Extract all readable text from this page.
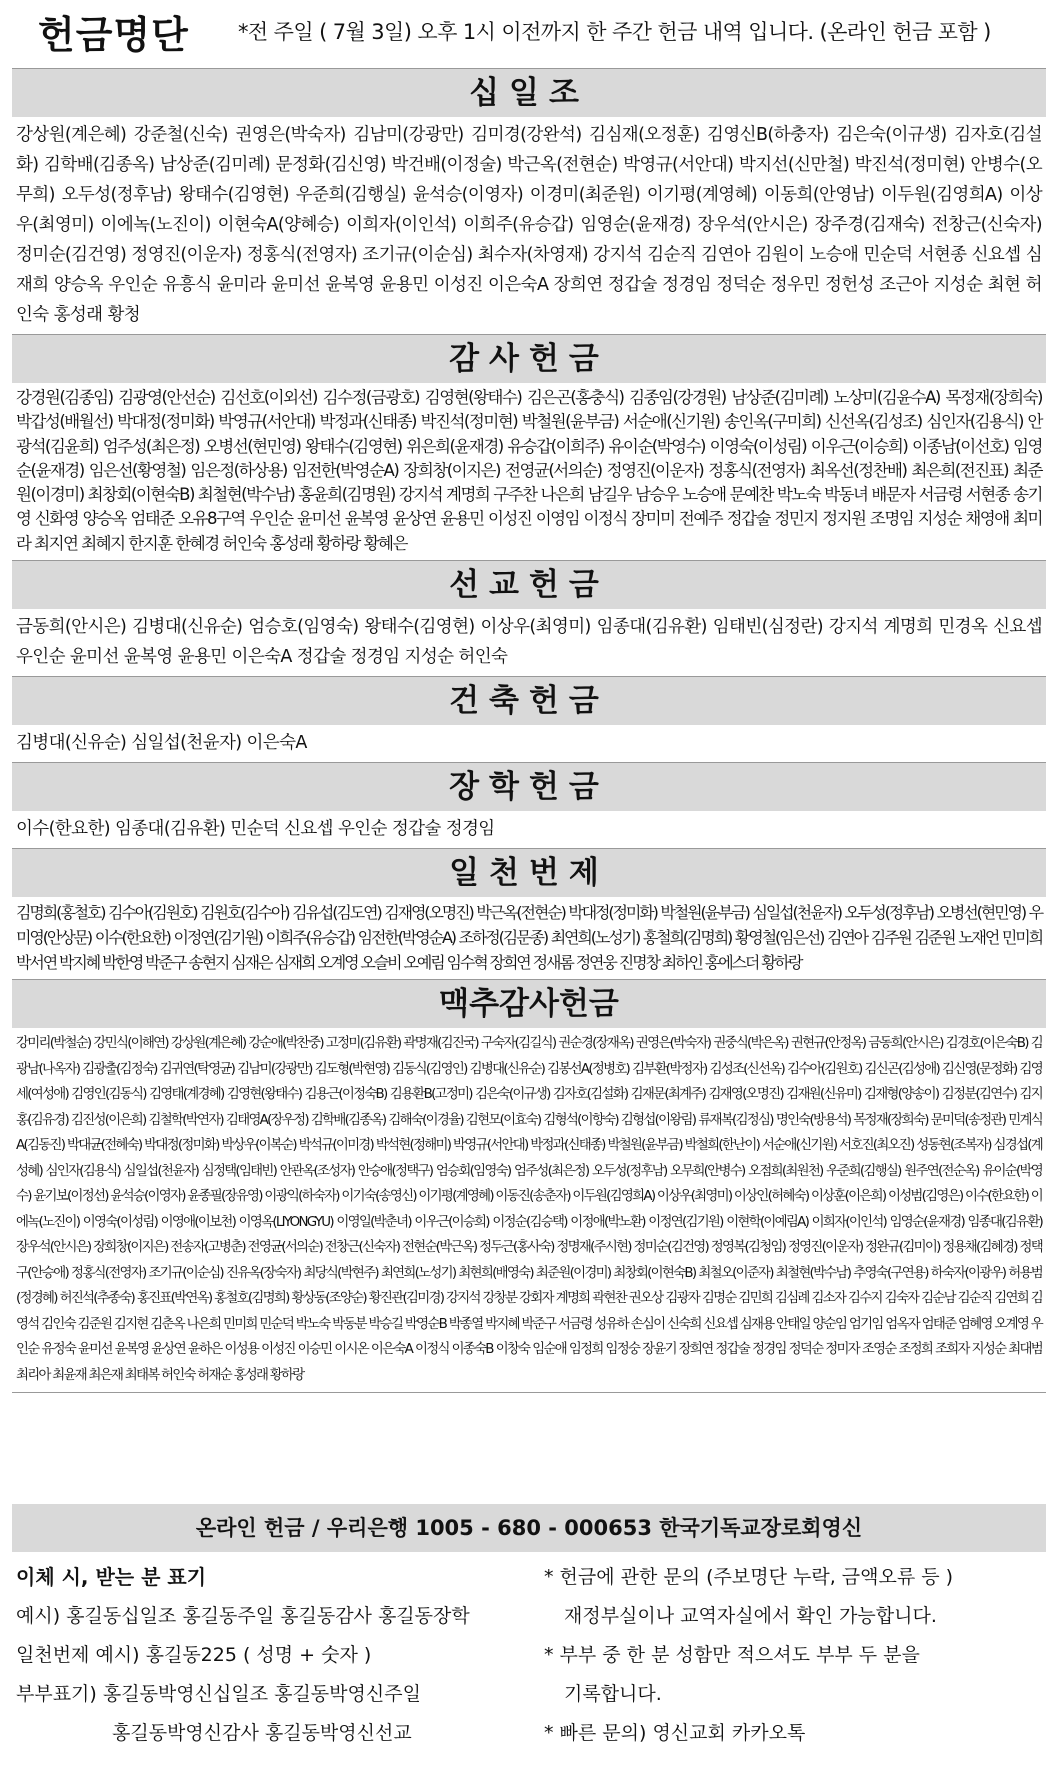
헌금명단 *전 주일 ( 7월 3일) 오후 1시 이전까지 한 주간 헌금 내역 입니다. (온라인 헌금 포함 )
십일조
강상원(계은혜) 강준철(신숙) 권영은(박숙자) 김남미(강광만) 김미경(강완석) 김심재(오정훈) 김영신B(하충자) 김은숙(이규생) 김자호(김설화) 김학배(김종옥) 남상준(김미례) 문정화(김신영) 박건배(이정술) 박근옥(전현순) 박영규(서안대) 박지선(신만철) 박진석(정미현) 안병수(오무희) 오두성(정후남) 왕태수(김영현) 우준희(김행실) 윤석승(이영자) 이경미(최준원) 이기평(계영혜) 이동희(안영남) 이두원(김영희A) 이상우(최영미) 이에녹(노진이) 이현숙A(양혜승) 이희자(이인석) 이희주(유승갑) 임영순(윤재경) 장우석(안시은) 장주경(김재숙) 전창근(신숙자) 정미순(김건영) 정영진(이운자) 정홍식(전영자) 조기규(이순심) 최수자(차영재) 강지석 김순직 김연아 김원이 노승애 민순덕 서현종 신요셉 심재희 양승옥 우인순 유흥식 윤미라 윤미선 윤복영 윤용민 이성진 이은숙A 장희연 정갑술 정경임 정덕순 정우민 정헌성 조근아 지성순 최현 허인숙 홍성래 황청
감사헌금
강경원(김종임) 김광영(안선순) 김선호(이외선) 김수정(금광호) 김영현(왕태수) 김은곤(홍충식) 김종임(강경원) 남상준(김미례) 노상미(김윤수A) 목정재(장희숙) 박갑성(배월선) 박대정(정미화) 박영규(서안대) 박정과(신태종) 박진석(정미현) 박철원(윤부금) 서순애(신기원) 송인옥(구미희) 신선옥(김성조) 심인자(김용식) 안광석(김윤희) 엄주성(최은정) 오병선(현민영) 왕태수(김영현) 위은희(윤재경) 유승갑(이희주) 유이순(박영수) 이영숙(이성림) 이우근(이승희) 이종남(이선호) 임영순(윤재경) 임은선(황영철) 임은정(하상용) 임전한(박영순A) 장희창(이지은) 전영균(서의순) 정영진(이운자) 정홍식(전영자) 최옥선(정찬배) 최은희(전진표) 최준원(이경미) 최창회(이현숙B) 최철현(박수남) 홍윤희(김명원) 강지석 계명희 구주찬 나은희 남길우 남승우 노승애 문예찬 박노숙 박동녀 배문자 서금령 서현종 송기영 신화영 양승옥 엄태준 오유8구역 우인순 윤미선 윤복영 윤상연 윤용민 이성진 이영임 이정식 장미미 전예주 정갑술 정민지 정지원 조명임 지성순 채영애 최미라 최지연 최혜지 한지훈 한혜경 허인숙 홍성래 황하랑 황혜은
선교헌금
금동희(안시은) 김병대(신유순) 엄승호(임영숙) 왕태수(김영현) 이상우(최영미) 임종대(김유환) 임태빈(심정란) 강지석 계명희 민경옥 신요셉 우인순 윤미선 윤복영 윤용민 이은숙A 정갑술 정경임 지성순 허인숙
건축헌금
김병대(신유순) 심일섭(천윤자) 이은숙A
장학헌금
이수(한요한) 임종대(김유환) 민순덕 신요셉 우인순 정갑술 정경임
일천번제
김명희(홍철호) 김수아(김원호) 김원호(김수아) 김유섭(김도연) 김재영(오명진) 박근옥(전현순) 박대정(정미화) 박철원(윤부금) 심일섭(천윤자) 오두성(정후남) 오병선(현민영) 우미영(안상문) 이수(한요한) 이정연(김기원) 이희주(유승갑) 임전한(박영순A) 조하정(김문종) 최연희(노성기) 홍철희(김명희) 황영철(임은선) 김연아 김주원 김준원 노재언 민미희 박서연 박지혜 박한영 박준구 송현지 심재은 심재희 오계영 오슬비 오예림 임수혁 장희연 정새롬 정연웅 진명창 최하인 홍에스더 황하랑
맥추감사헌금
강미리(박철순) 강민식(이해연) 강상원(계은혜) 강순애(박찬중) 고정미(김유환) 곽명재(김진국) 구숙자(김길식) 권순경(장재옥) 권영은(박숙자) 권중식(박은옥) 권현규(안정옥) 금동희(안시은) 김경호(이은숙B) 김광남(나옥자) 김광출(김정숙) 김귀연(탁영균) 김남미(강광만) 김도형(박현영) 김동식(김영인) 김병대(신유순) 김봉선A(정병호) 김부환(박정자) 김성조(신선옥) 김수아(김원호) 김신곤(김성애) 김신영(문정화) 김영세(여성애) 김영인(김동식) 김영태(계경혜) 김영현(왕태수) 김용근(이정숙B) 김용환B(고정미) 김은숙(이규생) 김자호(김설화) 김재문(최계주) 김재영(오명진) 김재원(신유미) 김재형(양송이) 김정분(김연수) 김지홍(김유경) 김진성(이은희) 김철학(박연자) 김태영A(장우정) 김학배(김종옥) 김해숙(이경율) 김현모(이효숙) 김형석(이향숙) 김형섭(이왕림) 류재복(김정심) 명인숙(방용석) 목정재(장희숙) 문미덕(송정관) 민계식A(김동진) 박대균(전혜숙) 박대정(정미화) 박상우(이복순) 박석규(이미경) 박석현(정해미) 박영규(서안대) 박정과(신태종) 박철원(윤부금) 박철희(한난이) 서순애(신기원) 서호진(최오진) 성동현(조복자) 심경섭(계성혜) 심인자(김용식) 심일섭(천윤자) 심정택(임태빈) 안관옥(조성자) 안승애(정택구) 엄승회(임영숙) 엄주성(최은정) 오두성(정후남) 오무희(안병수) 오점희(최원천) 우준희(김행실) 원주연(전순옥) 유이순(박영수) 윤기보(이정선) 윤석승(이영자) 윤종필(장유영) 이광익(하숙자) 이기숙(송영신) 이기평(계영혜) 이동진(송춘자) 이두원(김영희A) 이상우(최영미) 이상인(허혜숙) 이상훈(이은희) 이성범(김영은) 이수(한요한) 이에녹(노진이) 이영숙(이성림) 이영애(이보천) 이영옥(LIYONGYU) 이영일(박춘녀) 이우근(이승희) 이정순(김승택) 이정애(박노환) 이정연(김기원) 이현학(이예림A) 이희자(이인석) 임영순(윤재경) 임종대(김유환) 장우석(안시은) 장희창(이지은) 전송자(고병춘) 전영균(서의순) 전창근(신숙자) 전현순(박근옥) 정두근(홍사숙) 정명재(주시현) 정미순(김건영) 정영복(김청임) 정영진(이운자) 정완규(김미이) 정용채(김혜경) 정택구(안승애) 정홍식(전영자) 조기규(이순심) 진유옥(장숙자) 최당식(박현주) 최연희(노성기) 최현희(배영숙) 최준원(이경미) 최창회(이현숙B) 최철오(이준자) 최철현(박수남) 추영숙(구연용) 하숙자(이광우) 허용범(정경혜) 허진석(추종숙) 홍진표(박연옥) 홍철호(김명희) 황상동(조양순) 황진관(김미경) 강지석 강창분 강회자 계명희 곽현찬 권오상 김광자 김명순 김민희 김심례 김소자 김수지 김숙자 김순남 김순직 김연희 김영석 김인숙 김준원 김지현 김춘옥 나은희 민미희 민순덕 박노숙 박동분 박승길 박영순B 박종열 박지혜 박준구 서금령 성유하 손심이 신숙희 신요셉 심재용 안태일 양순임 엄기임 엄옥자 엄태준 엄혜영 오계영 우인순 유정숙 윤미선 윤복영 윤상연 윤하은 이성용 이성진 이승민 이시온 이은숙A 이정식 이종숙B 이창숙 임순애 임정희 임정숭 장윤기 장희연 정갑술 정경임 정덕순 정미자 조영순 조정희 조희자 지성순 최대범 최리아 최윤재 최은재 최태복 허인숙 허재순 홍성래 황하랑
온라인 헌금 / 우리은행 1005 - 680 - 000653 한국기독교장로회영신
이체 시, 받는 분 표기
예시) 홍길동십일조 홍길동주일 홍길동감사 홍길동장학
일천번제 예시) 홍길동225 ( 성명 + 숫자 )
부부표기) 홍길동박영신십일조 홍길동박영신주일
홍길동박영신감사 홍길동박영신선교
* 헌금에 관한 문의 (주보명단 누락, 금액오류 등 )
재정부실이나 교역자실에서 확인 가능합니다.
* 부부 중 한 분 성함만 적으셔도 부부 두 분을
기록합니다.
* 빠른 문의) 영신교회 카카오톡
